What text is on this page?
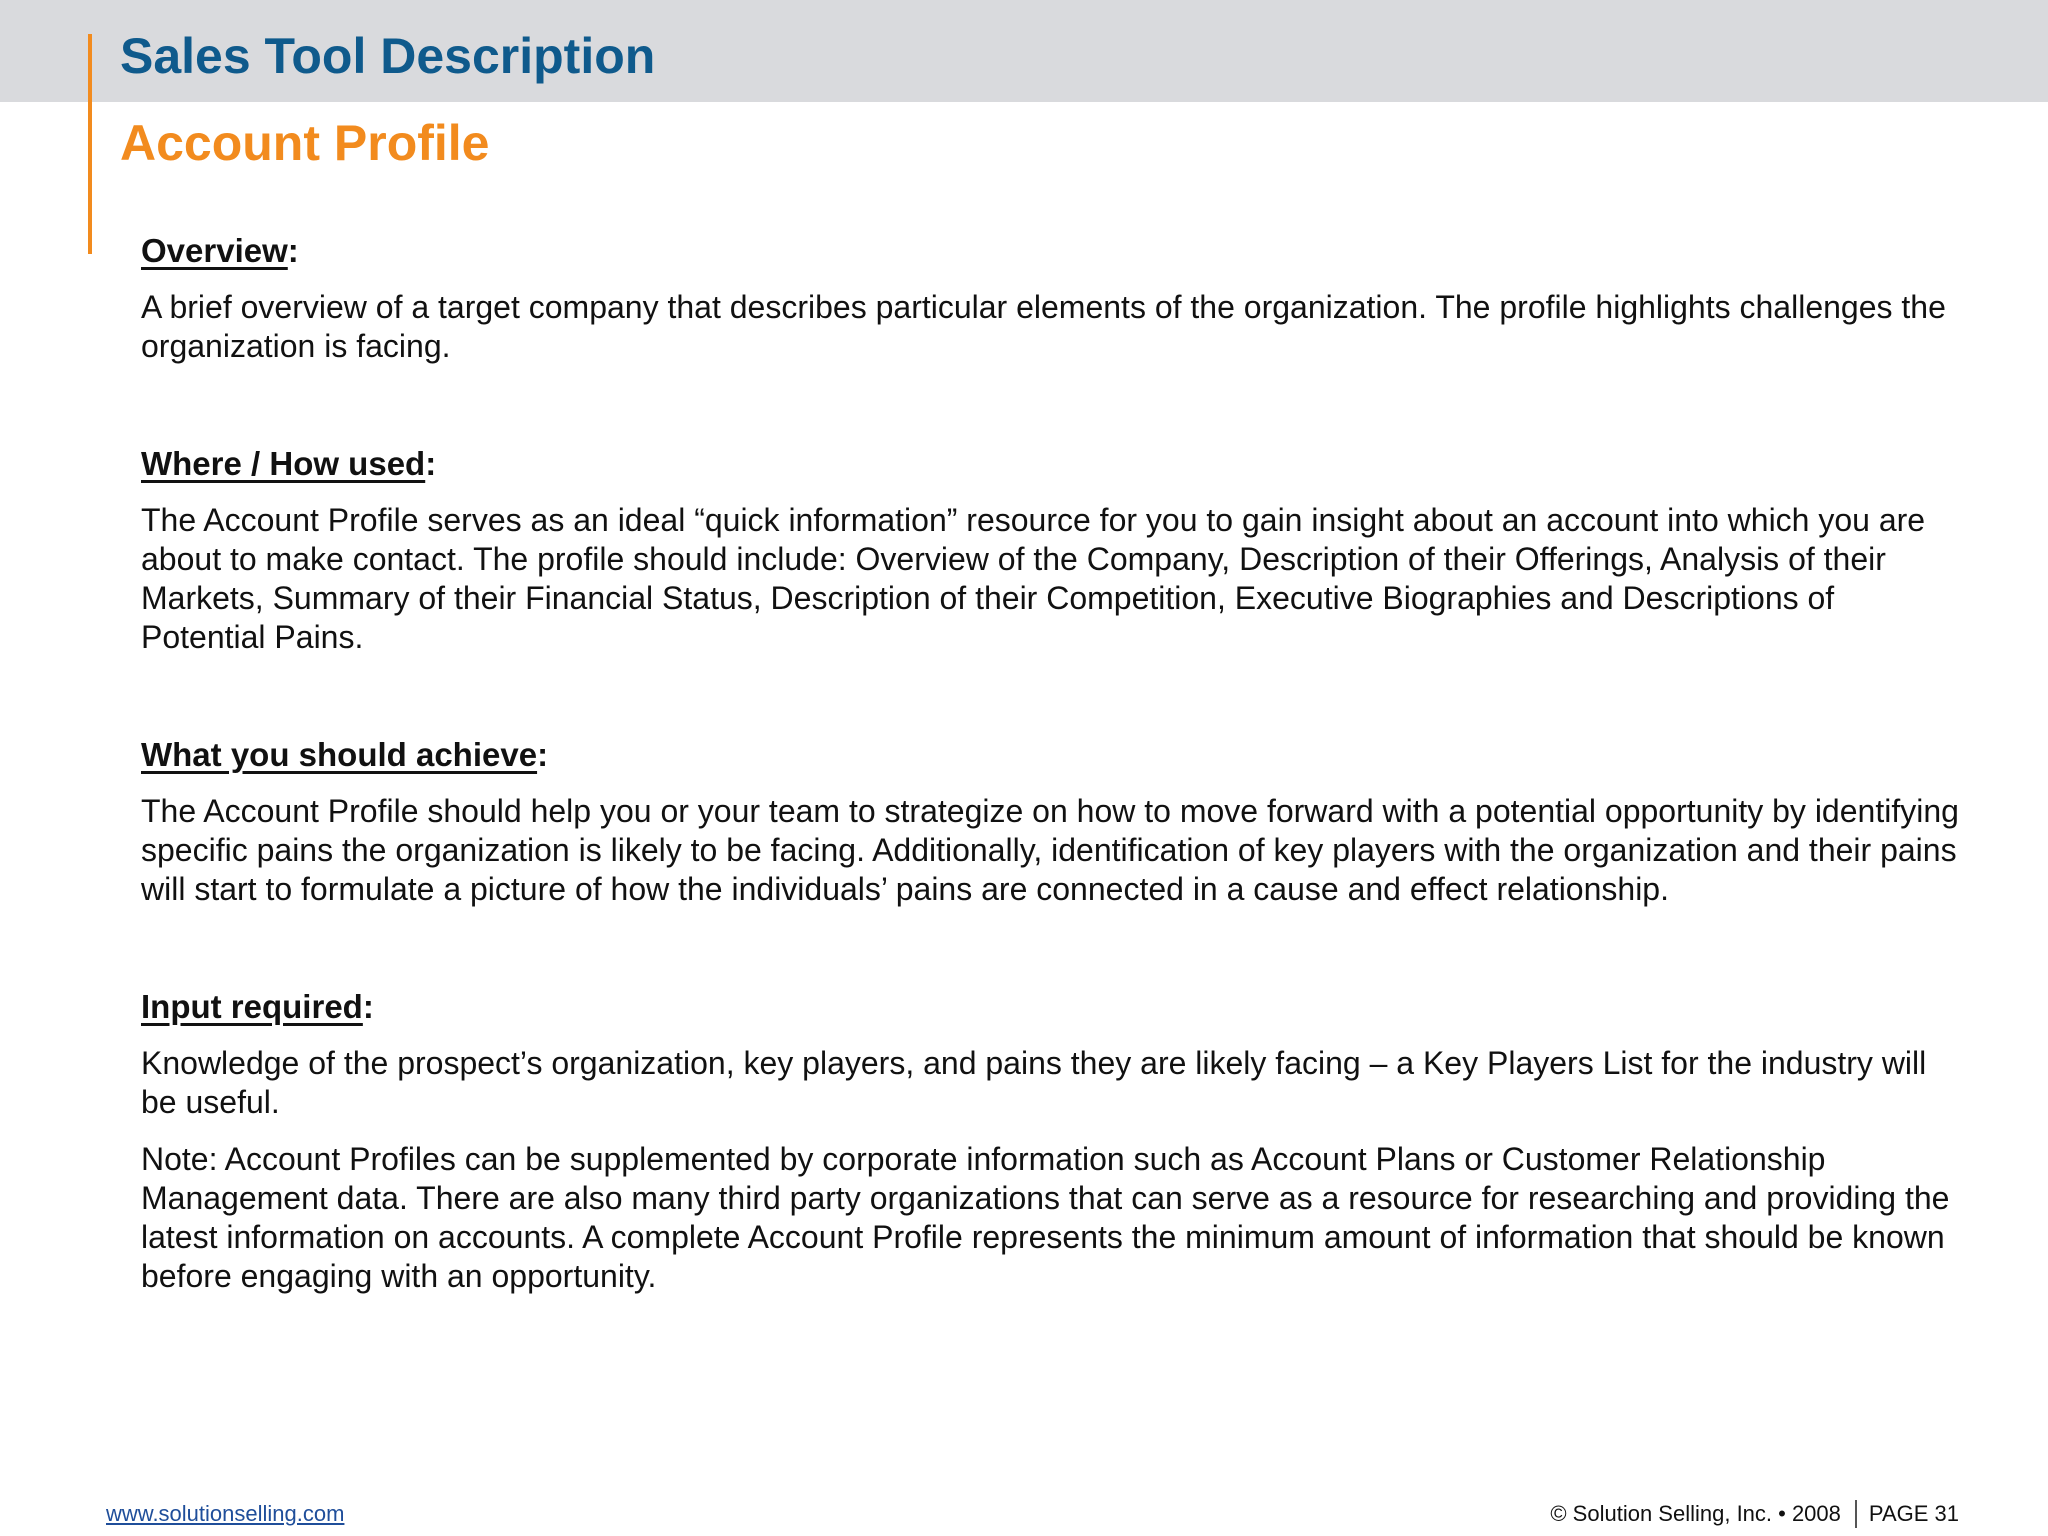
Sales Tool Description
Account Profile
Overview:

A brief overview of a target company that describes particular elements of the organization. The profile highlights challenges the organization is facing.

Where / How used:

The Account Profile serves as an ideal “quick information” resource for you to gain insight about an account into which you are about to make contact. The profile should include: Overview of the Company, Description of their Offerings, Analysis of their Markets, Summary of their Financial Status, Description of their Competition, Executive Biographies and Descriptions of Potential Pains.

What you should achieve:

The Account Profile should help you or your team to strategize on how to move forward with a potential opportunity by identifying specific pains the organization is likely to be facing. Additionally, identification of key players with the organization and their pains will start to formulate a picture of how the individuals’ pains are connected in a cause and effect relationship.

Input required:

Knowledge of the prospect’s organization, key players, and pains they are likely facing – a Key Players List for the industry will be useful.

Note: Account Profiles can be supplemented by corporate information such as Account Plans or Customer Relationship Management data. There are also many third party organizations that can serve as a resource for researching and providing the latest information on accounts. A complete Account Profile represents the minimum amount of information that should be known before engaging with an opportunity.

www.solutionselling.com	© Solution Selling, Inc. • 2008 PAGE 31
